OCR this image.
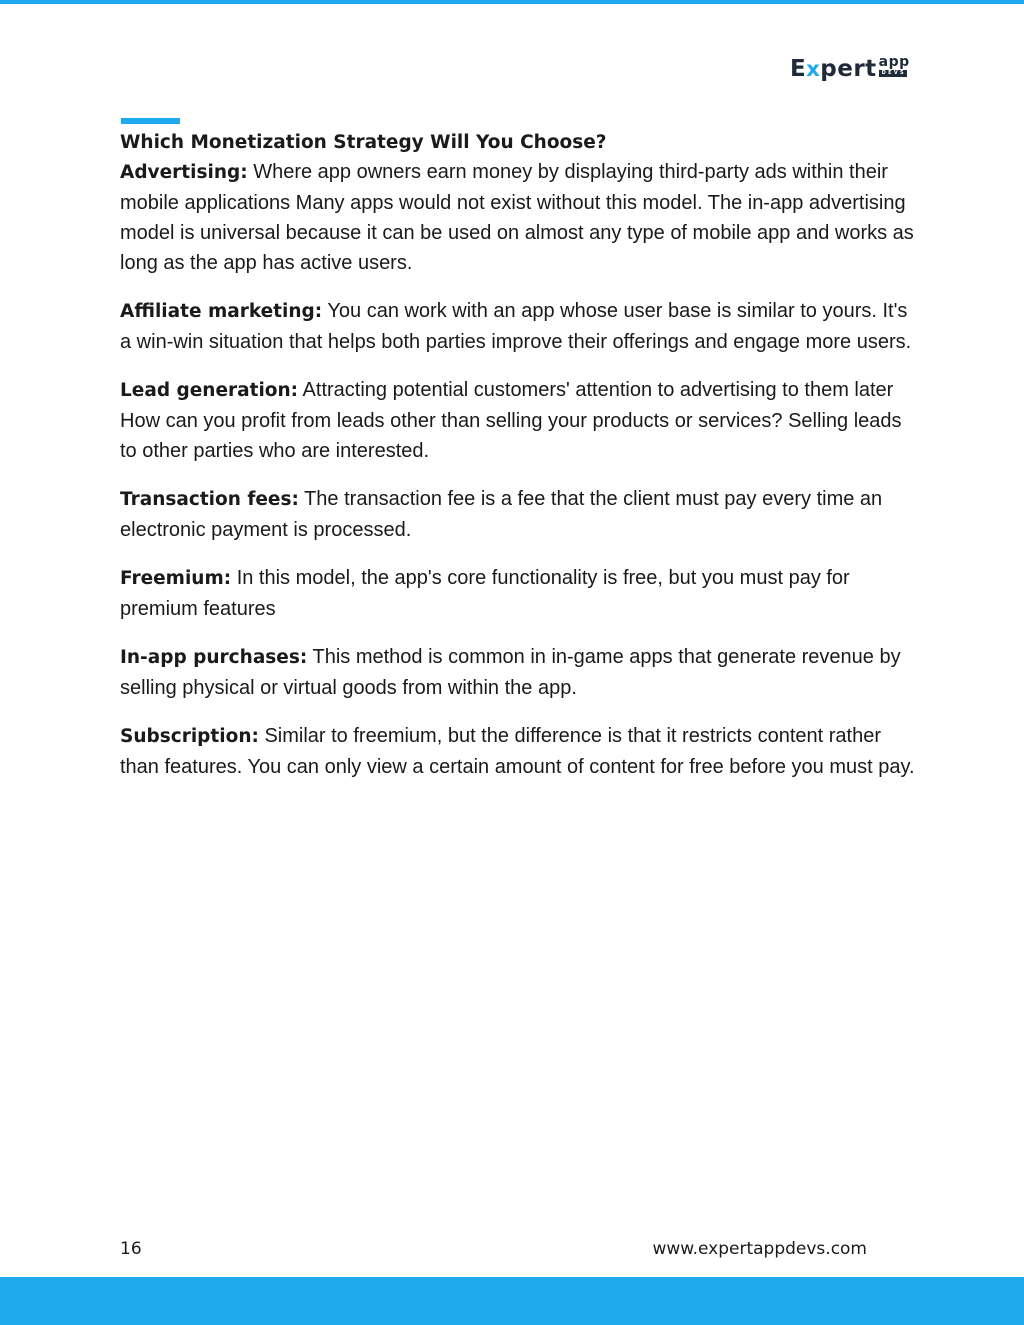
E x pert app
DEVS
Which Monetization Strategy Will You Choose?

Advertising: Where app owners earn money by displaying third-party ads within their mobile applications Many apps would not exist without this model. The in-app advertising model is universal because it can be used on almost any type of mobile app and works as long as the app has active users.

Affiliate marketing: You can work with an app whose user base is similar to yours. It's a win-win situation that helps both parties improve their offerings and engage more users.

Lead generation: Attracting potential customers' attention to advertising to them later How can you profit from leads other than selling your products or services? Selling leads to other parties who are interested.

Transaction fees: The transaction fee is a fee that the client must pay every time an electronic payment is processed.

Freemium: In this model, the app's core functionality is free, but you must pay for premium features

In-app purchases: This method is common in in-game apps that generate revenue by selling physical or virtual goods from within the app.

Subscription: Similar to freemium, but the difference is that it restricts content rather than features. You can only view a certain amount of content for free before you must pay.

16	www.expertappdevs.com
